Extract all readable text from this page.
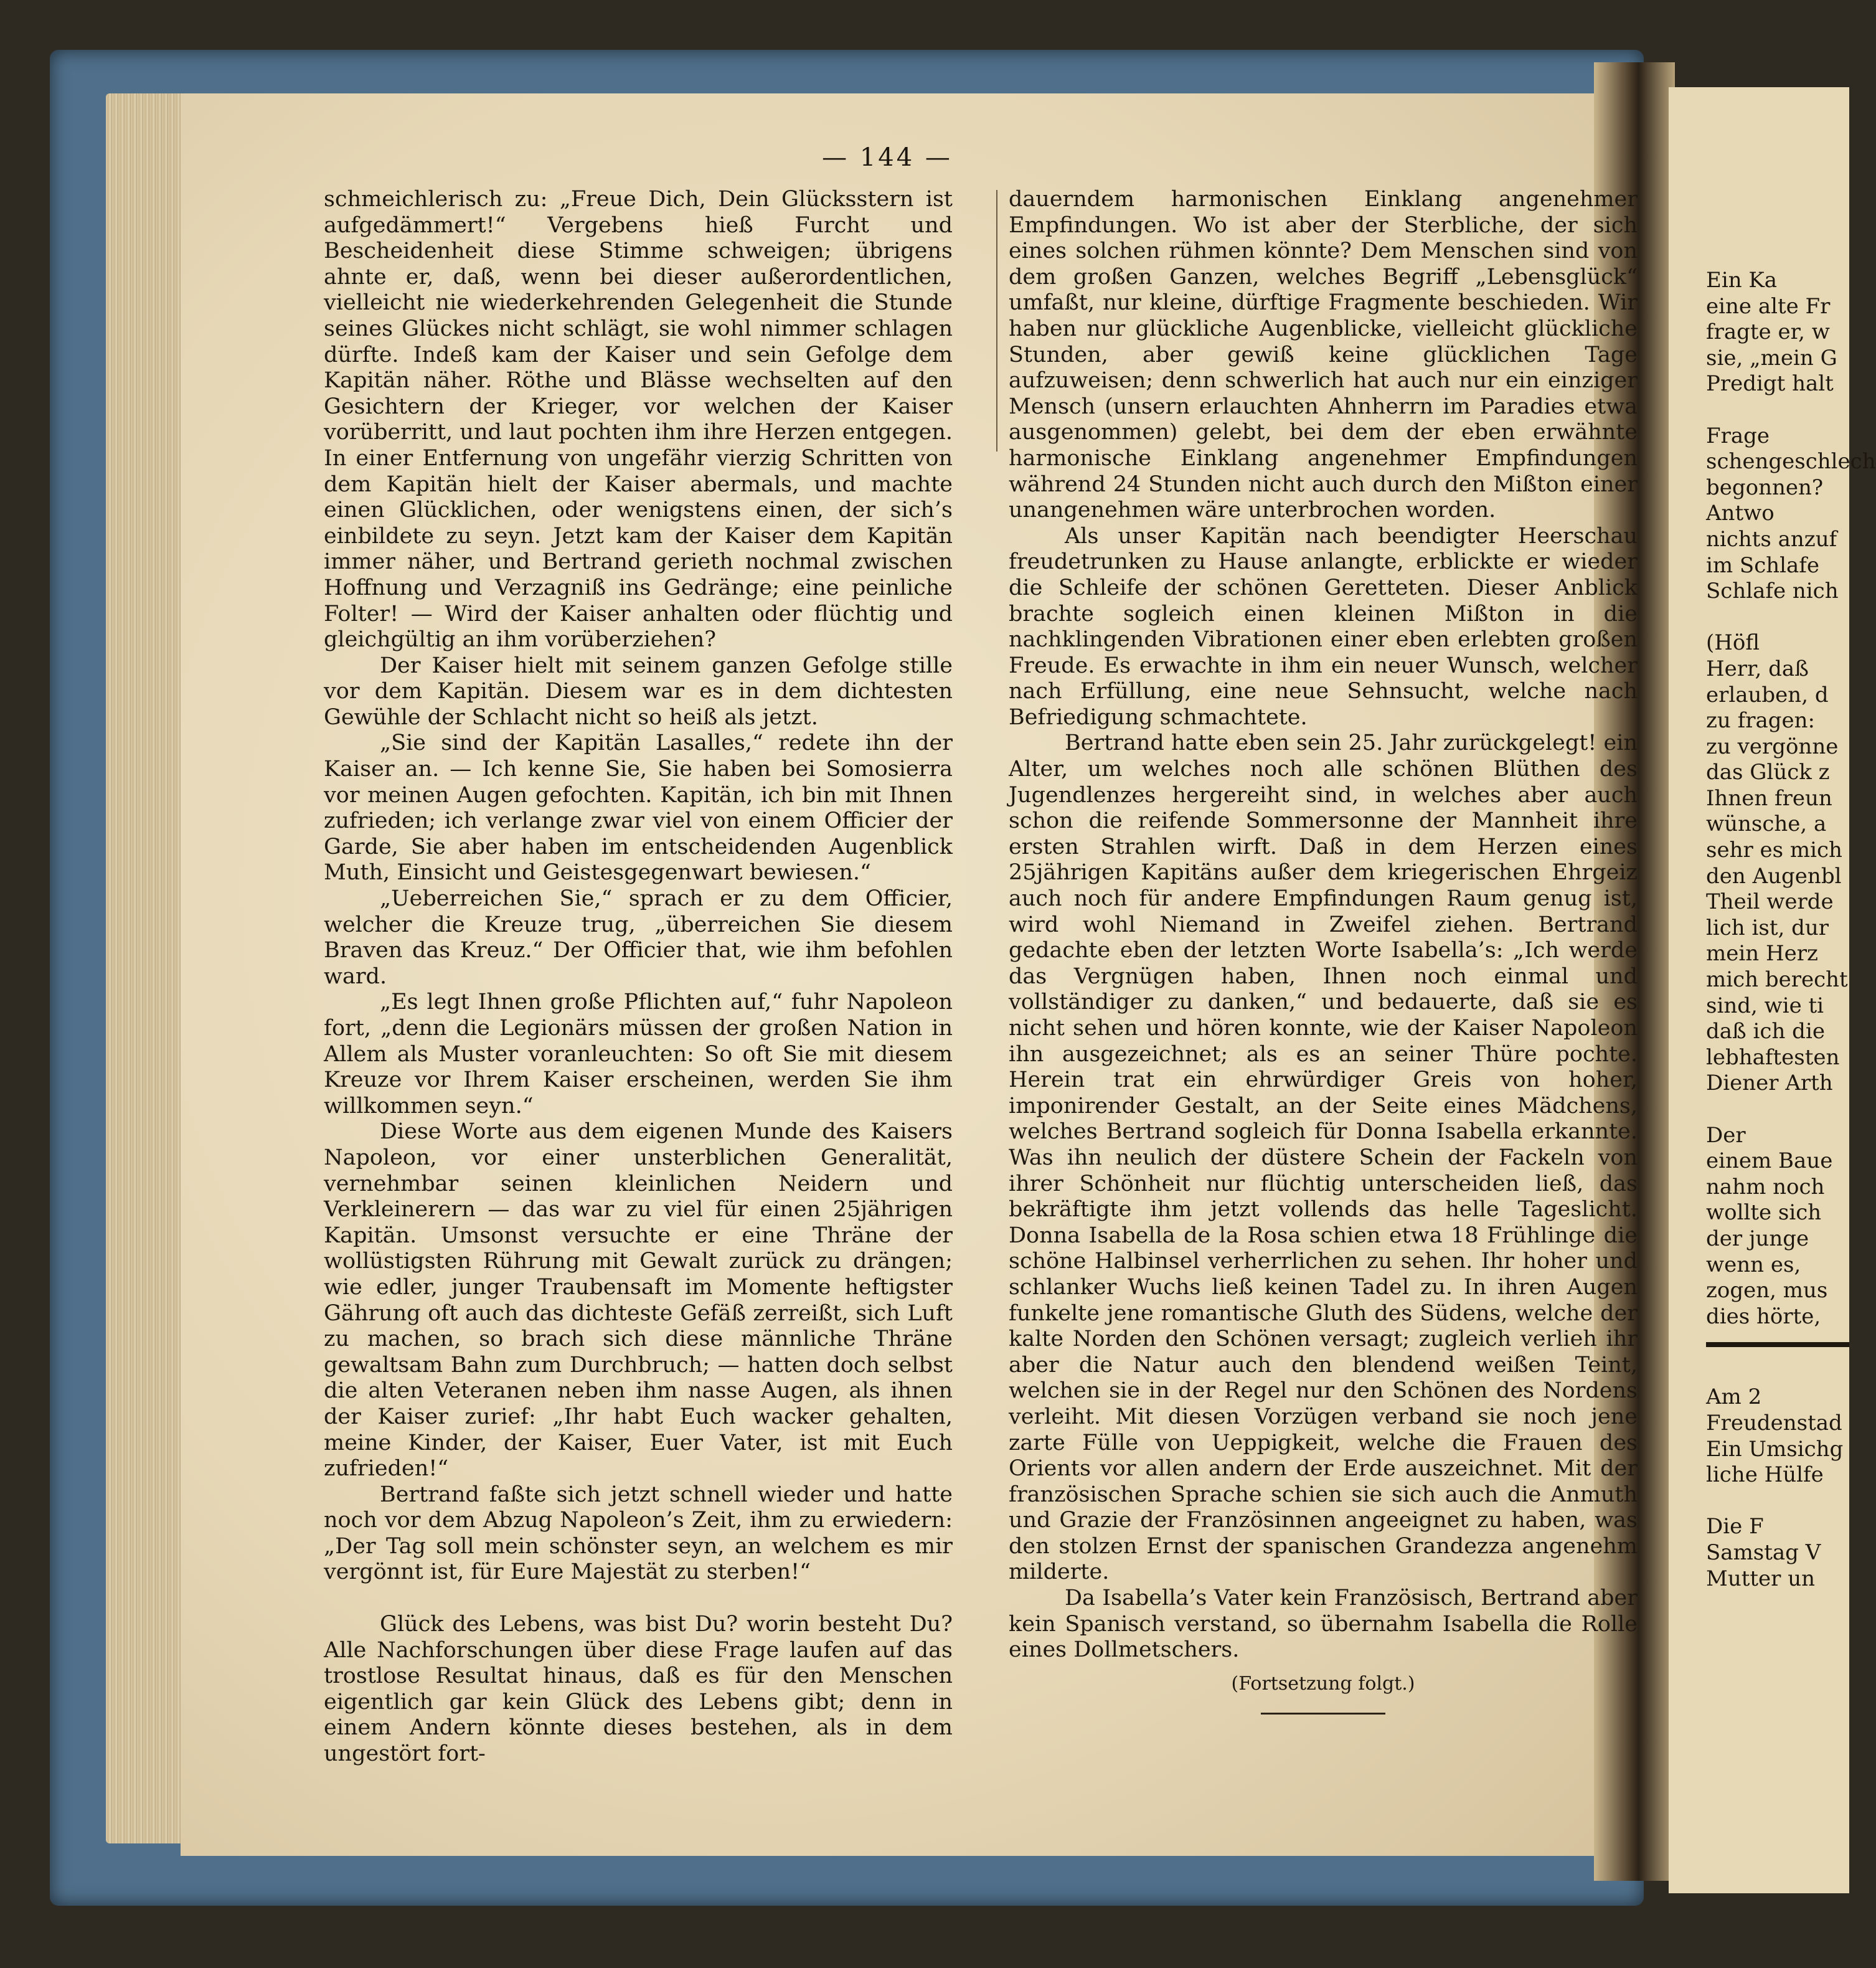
— 144 —

schmeichlerisch zu: „Freue Dich, Dein Glücksstern ist aufgedämmert!“ Vergebens hieß Furcht und Bescheidenheit diese Stimme schweigen; übrigens ahnte er, daß, wenn bei dieser außerordentlichen, vielleicht nie wiederkehrenden Gelegenheit die Stunde seines Glückes nicht schlägt, sie wohl nimmer schlagen dürfte. Indeß kam der Kaiser und sein Gefolge dem Kapitän näher. Röthe und Blässe wechselten auf den Gesichtern der Krieger, vor welchen der Kaiser vorüberritt, und laut pochten ihm ihre Herzen entgegen. In einer Entfernung von ungefähr vierzig Schritten von dem Kapitän hielt der Kaiser abermals, und machte einen Glücklichen, oder wenigstens einen, der sich’s einbildete zu seyn. Jetzt kam der Kaiser dem Kapitän immer näher, und Bertrand gerieth nochmal zwischen Hoffnung und Verzagniß ins Gedränge; eine peinliche Folter! — Wird der Kaiser anhalten oder flüchtig und gleichgültig an ihm vorüberziehen?

Der Kaiser hielt mit seinem ganzen Gefolge stille vor dem Kapitän. Diesem war es in dem dichtesten Gewühle der Schlacht nicht so heiß als jetzt.

„Sie sind der Kapitän Lasalles,“ redete ihn der Kaiser an. — Ich kenne Sie, Sie haben bei Somosierra vor meinen Augen gefochten. Kapitän, ich bin mit Ihnen zufrieden; ich verlange zwar viel von einem Officier der Garde, Sie aber haben im entscheidenden Augenblick Muth, Einsicht und Geistesgegenwart bewiesen.“

„Ueberreichen Sie,“ sprach er zu dem Officier, welcher die Kreuze trug, „überreichen Sie diesem Braven das Kreuz.“ Der Officier that, wie ihm befohlen ward.

„Es legt Ihnen große Pflichten auf,“ fuhr Napoleon fort, „denn die Legionärs müssen der großen Nation in Allem als Muster voranleuchten: So oft Sie mit diesem Kreuze vor Ihrem Kaiser erscheinen, werden Sie ihm willkommen seyn.“

Diese Worte aus dem eigenen Munde des Kaisers Napoleon, vor einer unsterblichen Generalität, vernehmbar seinen kleinlichen Neidern und Verkleinerern — das war zu viel für einen 25jährigen Kapitän. Umsonst versuchte er eine Thräne der wollüstigsten Rührung mit Gewalt zurück zu drängen; wie edler, junger Traubensaft im Momente heftigster Gährung oft auch das dichteste Gefäß zerreißt, sich Luft zu machen, so brach sich diese männliche Thräne gewaltsam Bahn zum Durchbruch; — hatten doch selbst die alten Veteranen neben ihm nasse Augen, als ihnen der Kaiser zurief: „Ihr habt Euch wacker gehalten, meine Kinder, der Kaiser, Euer Vater, ist mit Euch zufrieden!“

Bertrand faßte sich jetzt schnell wieder und hatte noch vor dem Abzug Napoleon’s Zeit, ihm zu erwiedern: „Der Tag soll mein schönster seyn, an welchem es mir vergönnt ist, für Eure Majestät zu sterben!“

Glück des Lebens, was bist Du? worin besteht Du? Alle Nachforschungen über diese Frage laufen auf das trostlose Resultat hinaus, daß es für den Menschen eigentlich gar kein Glück des Lebens gibt; denn in einem Andern könnte dieses bestehen, als in dem ungestört fort-

dauerndem harmonischen Einklang angenehmer Empfindungen. Wo ist aber der Sterbliche, der sich eines solchen rühmen könnte? Dem Menschen sind von dem großen Ganzen, welches Begriff „Lebensglück“ umfaßt, nur kleine, dürftige Fragmente beschieden. Wir haben nur glückliche Augenblicke, vielleicht glückliche Stunden, aber gewiß keine glücklichen Tage aufzuweisen; denn schwerlich hat auch nur ein einziger Mensch (unsern erlauchten Ahnherrn im Paradies etwa ausgenommen) gelebt, bei dem der eben erwähnte harmonische Einklang angenehmer Empfindungen während 24 Stunden nicht auch durch den Mißton einer unangenehmen wäre unterbrochen worden.

Als unser Kapitän nach beendigter Heerschau freudetrunken zu Hause anlangte, erblickte er wieder die Schleife der schönen Geretteten. Dieser Anblick brachte sogleich einen kleinen Mißton in die nachklingenden Vibrationen einer eben erlebten großen Freude. Es erwachte in ihm ein neuer Wunsch, welcher nach Erfüllung, eine neue Sehnsucht, welche nach Befriedigung schmachtete.

Bertrand hatte eben sein 25. Jahr zurückgelegt! ein Alter, um welches noch alle schönen Blüthen des Jugendlenzes hergereiht sind, in welches aber auch schon die reifende Sommersonne der Mannheit ihre ersten Strahlen wirft. Daß in dem Herzen eines 25jährigen Kapitäns außer dem kriegerischen Ehrgeiz auch noch für andere Empfindungen Raum genug ist, wird wohl Niemand in Zweifel ziehen. Bertrand gedachte eben der letzten Worte Isabella’s: „Ich werde das Vergnügen haben, Ihnen noch einmal und vollständiger zu danken,“ und bedauerte, daß sie es nicht sehen und hören konnte, wie der Kaiser Napoleon ihn ausgezeichnet; als es an seiner Thüre pochte. Herein trat ein ehrwürdiger Greis von hoher, imponirender Gestalt, an der Seite eines Mädchens, welches Bertrand sogleich für Donna Isabella erkannte. Was ihn neulich der düstere Schein der Fackeln von ihrer Schönheit nur flüchtig unterscheiden ließ, das bekräftigte ihm jetzt vollends das helle Tageslicht. Donna Isabella de la Rosa schien etwa 18 Frühlinge die schöne Halbinsel verherrlichen zu sehen. Ihr hoher und schlanker Wuchs ließ keinen Tadel zu. In ihren Augen funkelte jene romantische Gluth des Südens, welche der kalte Norden den Schönen versagt; zugleich verlieh ihr aber die Natur auch den blendend weißen Teint, welchen sie in der Regel nur den Schönen des Nordens verleiht. Mit diesen Vorzügen verband sie noch jene zarte Fülle von Ueppigkeit, welche die Frauen des Orients vor allen andern der Erde auszeichnet. Mit der französischen Sprache schien sie sich auch die Anmuth und Grazie der Französinnen angeeignet zu haben, was den stolzen Ernst der spanischen Grandezza angenehm milderte.

Da Isabella’s Vater kein Französisch, Bertrand aber kein Spanisch verstand, so übernahm Isabella die Rolle eines Dollmetschers.

(Fortsetzung folgt.)

Ein Ka
eine alte Fr
fragte er, w
sie, „mein G
Predigt halt
Frage
schengeschlech
begonnen?
Antwo
nichts anzuf
im Schlafe
Schlafe nich
(Höfl
Herr, daß
erlauben, d
zu fragen:
zu vergönne
das Glück z
Ihnen freun
wünsche, a
sehr es mich
den Augenbl
Theil werde
lich ist, dur
mein Herz
mich berecht
sind, wie ti
daß ich die
lebhaftesten
Diener Arth
Der
einem Baue
nahm noch
wollte sich
der junge
wenn es,
zogen, mus
dies hörte,
Am 2
Freudenstad
Ein Umsichg
liche Hülfe
Die F
Samstag V
Mutter un
